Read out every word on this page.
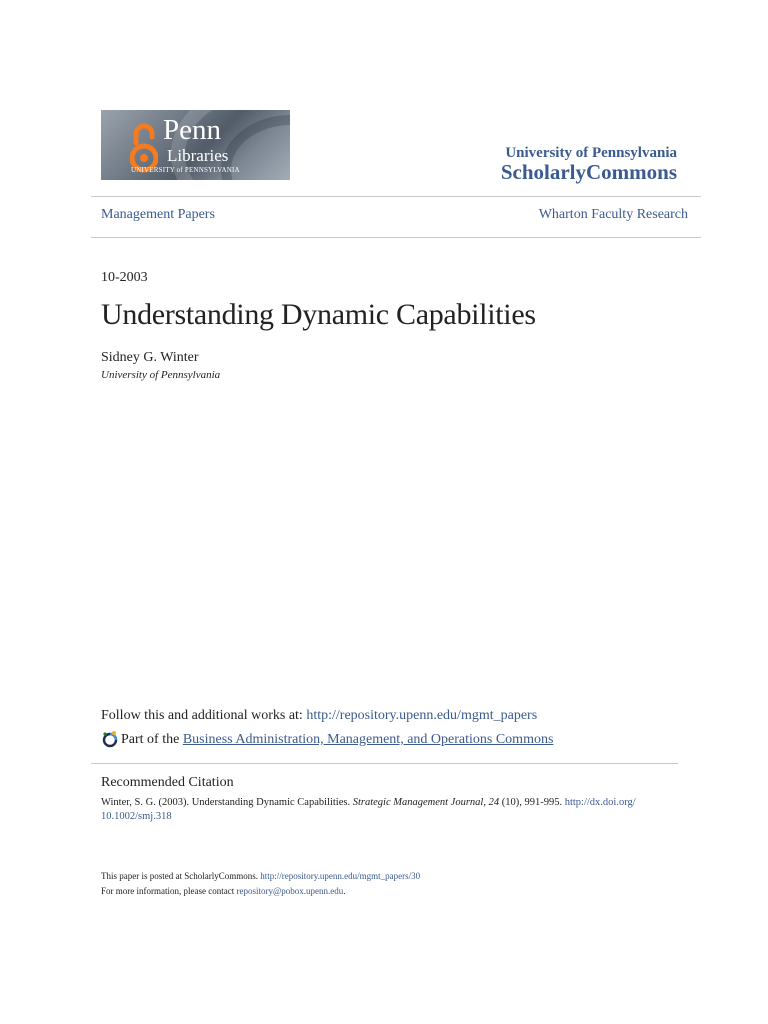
Penn
Libraries
UNIVERSITY of PENNSYLVANIA
University of Pennsylvania
ScholarlyCommons
Management Papers	Wharton Faculty Research
10-2003
Understanding Dynamic Capabilities
Sidney G. Winter
University of Pennsylvania
Follow this and additional works at: http://repository.upenn.edu/mgmt_papers
Part of the Business Administration, Management, and Operations Commons
Recommended Citation
Winter, S. G. (2003). Understanding Dynamic Capabilities. Strategic Management Journal, 24 (10), 991-995. http://dx.doi.org/
10.1002/smj.318
This paper is posted at ScholarlyCommons. http://repository.upenn.edu/mgmt_papers/30
For more information, please contact repository@pobox.upenn.edu.
